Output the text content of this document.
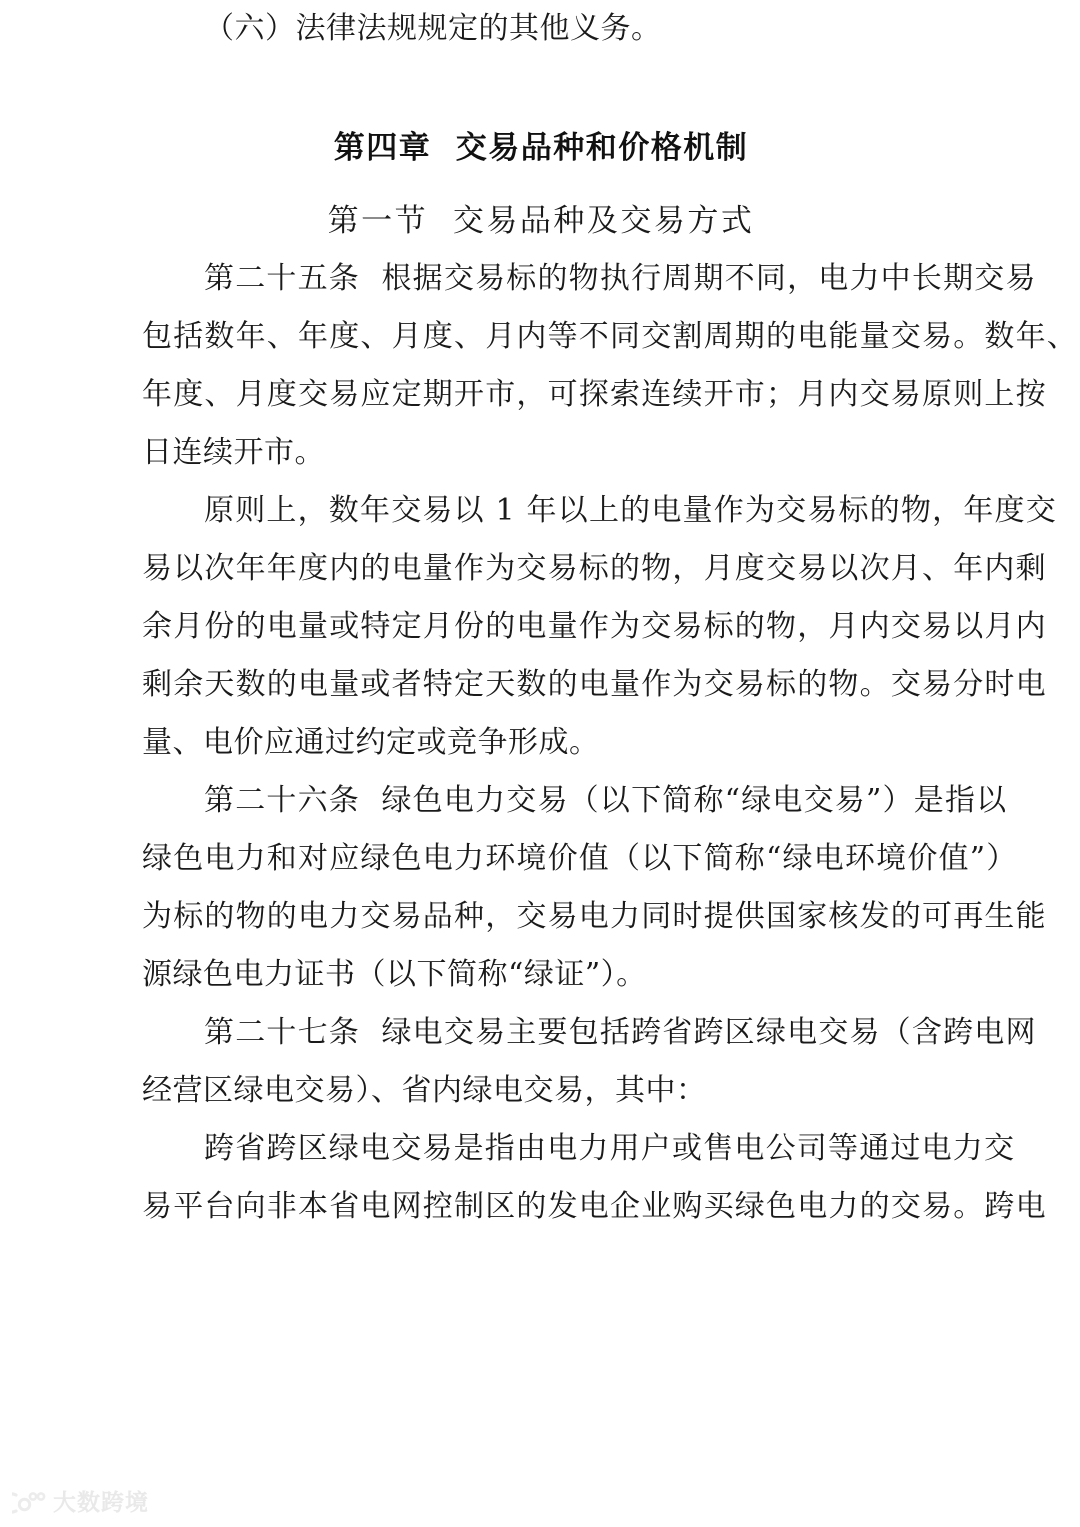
（六）法律法规规定的其他义务。
第四章  交易品种和价格机制
第一节  交易品种及交易方式
第二十五条  根据交易标的物执行周期不同，电力中长期交易
包括数年、年度、月度、月内等不同交割周期的电能量交易。数年、
年度、月度交易应定期开市，可探索连续开市；月内交易原则上按
日连续开市。
原则上，数年交易以 1 年以上的电量作为交易标的物，年度交
易以次年年度内的电量作为交易标的物，月度交易以次月、年内剩
余月份的电量或特定月份的电量作为交易标的物，月内交易以月内
剩余天数的电量或者特定天数的电量作为交易标的物。交易分时电
量、电价应通过约定或竞争形成。
第二十六条  绿色电力交易（以下简称“绿电交易”）是指以
绿色电力和对应绿色电力环境价值（以下简称“绿电环境价值”）
为标的物的电力交易品种，交易电力同时提供国家核发的可再生能
源绿色电力证书（以下简称“绿证”）。
第二十七条  绿电交易主要包括跨省跨区绿电交易（含跨电网
经营区绿电交易）、省内绿电交易，其中：
跨省跨区绿电交易是指由电力用户或售电公司等通过电力交
易平台向非本省电网控制区的发电企业购买绿色电力的交易。跨电
大数跨境
